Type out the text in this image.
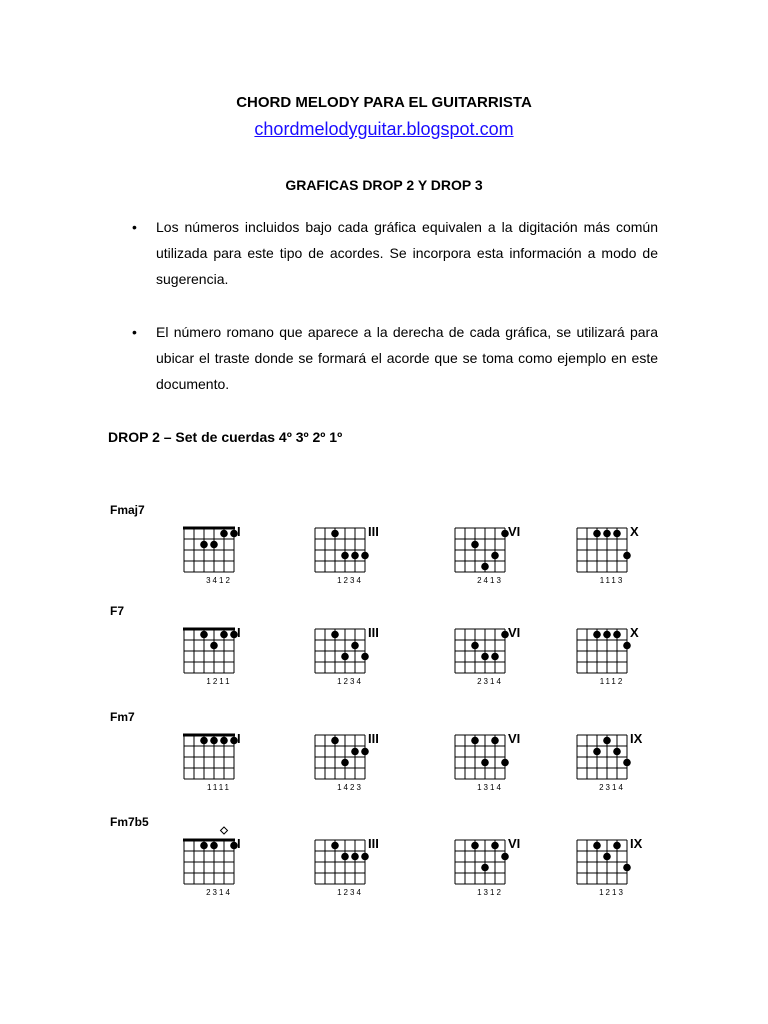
CHORD MELODY PARA EL GUITARRISTA
chordmelodyguitar.blogspot.com
GRAFICAS DROP 2 Y DROP 3
• Los números incluidos bajo cada gráfica equivalen a la digitación más común utilizada para este tipo de acordes. Se incorpora esta información a modo de sugerencia.
• El número romano que aparece a la derecha de cada gráfica, se utilizará para ubicar el traste donde se formará el acorde que se toma como ejemplo en este documento.
DROP 2 – Set de cuerdas 4º 3º 2º 1º
Fmaj7
3412
I
1234
III
2413
VI
1113
X
F7
1211
I
1234
III
2314
VI
1112
X
Fm7
1111
I
1423
III
1314
VI
2314
IX
Fm7b5
2314
I
1234
III
1312
VI
1213
IX
